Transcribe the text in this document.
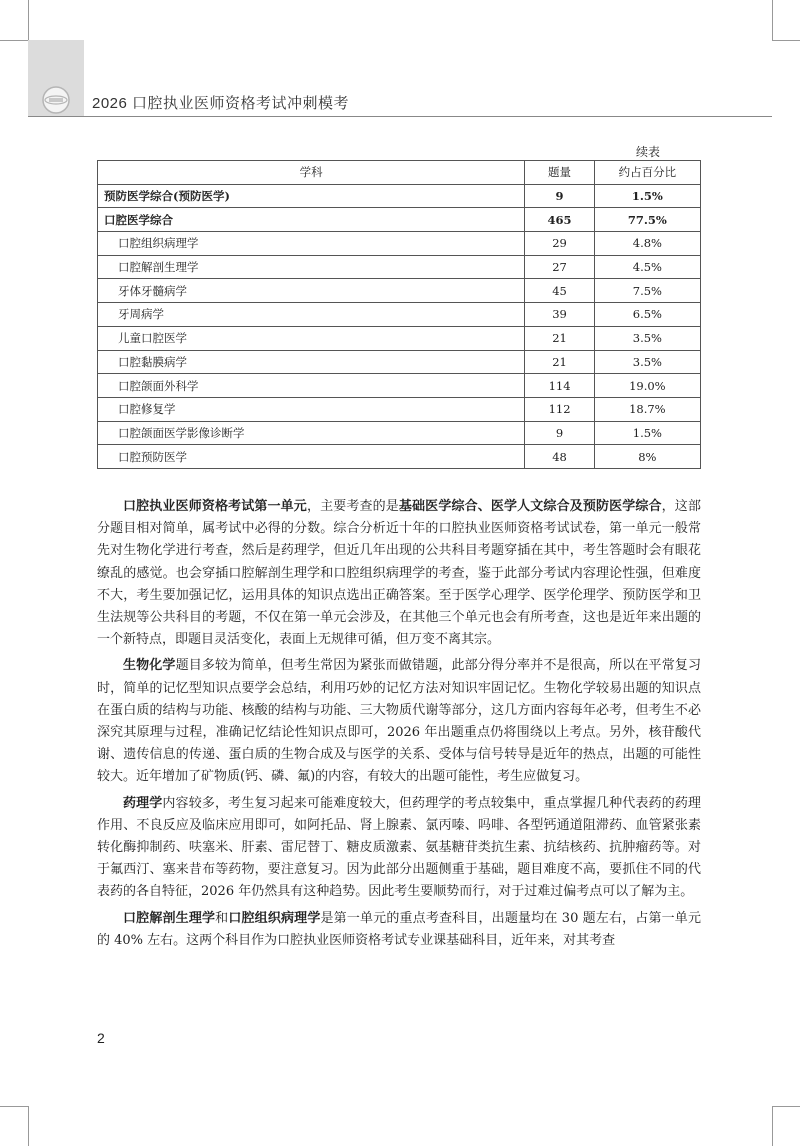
2026 口腔执业医师资格考试冲刺模考
续表
学科	题量	约占百分比
预防医学综合(预防医学)	9	1.5%
口腔医学综合	465	77.5%
口腔组织病理学	29	4.8%
口腔解剖生理学	27	4.5%
牙体牙髓病学	45	7.5%
牙周病学	39	6.5%
儿童口腔医学	21	3.5%
口腔黏膜病学	21	3.5%
口腔颌面外科学	114	19.0%
口腔修复学	112	18.7%
口腔颌面医学影像诊断学	9	1.5%
口腔预防医学	48	8%

口腔执业医师资格考试第一单元，主要考查的是基础医学综合、医学人文综合及预防医学综合，这部分题目相对简单，属考试中必得的分数。综合分析近十年的口腔执业医师资格考试试卷，第一单元一般常先对生物化学进行考查，然后是药理学，但近几年出现的公共科目考题穿插在其中，考生答题时会有眼花缭乱的感觉。也会穿插口腔解剖生理学和口腔组织病理学的考查，鉴于此部分考试内容理论性强，但难度不大，考生要加强记忆，运用具体的知识点选出正确答案。至于医学心理学、医学伦理学、预防医学和卫生法规等公共科目的考题，不仅在第一单元会涉及，在其他三个单元也会有所考查，这也是近年来出题的一个新特点，即题目灵活变化，表面上无规律可循，但万变不离其宗。

生物化学题目多较为简单，但考生常因为紧张而做错题，此部分得分率并不是很高，所以在平常复习时，简单的记忆型知识点要学会总结，利用巧妙的记忆方法对知识牢固记忆。生物化学较易出题的知识点在蛋白质的结构与功能、核酸的结构与功能、三大物质代谢等部分，这几方面内容每年必考，但考生不必深究其原理与过程，准确记忆结论性知识点即可，2026 年出题重点仍将围绕以上考点。另外，核苷酸代谢、遗传信息的传递、蛋白质的生物合成及与医学的关系、受体与信号转导是近年的热点，出题的可能性较大。近年增加了矿物质(钙、磷、氟)的内容，有较大的出题可能性，考生应做复习。

药理学内容较多，考生复习起来可能难度较大，但药理学的考点较集中，重点掌握几种代表药的药理作用、不良反应及临床应用即可，如阿托品、肾上腺素、氯丙嗪、吗啡、各型钙通道阻滞药、血管紧张素转化酶抑制药、呋塞米、肝素、雷尼替丁、糖皮质激素、氨基糖苷类抗生素、抗结核药、抗肿瘤药等。对于氟西汀、塞来昔布等药物，要注意复习。因为此部分出题侧重于基础，题目难度不高，要抓住不同的代表药的各自特征，2026 年仍然具有这种趋势。因此考生要顺势而行，对于过难过偏考点可以了解为主。

口腔解剖生理学和口腔组织病理学是第一单元的重点考查科目，出题量均在 30 题左右，占第一单元的 40% 左右。这两个科目作为口腔执业医师资格考试专业课基础科目，近年来，对其考查

2
